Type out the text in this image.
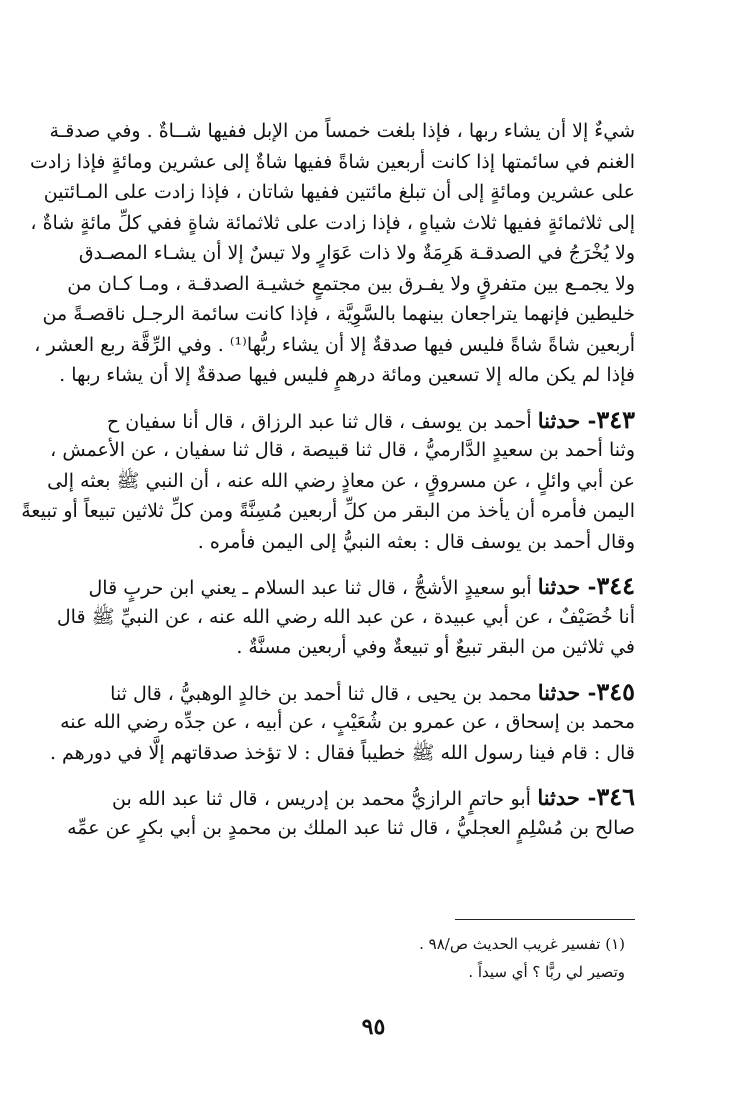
شيءٌ إلا أن يشاء ربها ، فإذا بلغت خمساً من الإبل ففيها شــاةٌ . وفي صدقـة
الغنم في سائمتها إذا كانت أربعين شاةً ففيها شاةٌ إلى عشرين ومائةٍ فإذا زادت
على عشرين ومائةٍ إلى أن تبلغ مائتين ففيها شاتان ، فإذا زادت على المـائتين
إلى ثلاثمائةٍ ففيها ثلاث شياهٍ ، فإذا زادت على ثلاثمائة شاةٍ ففي كلِّ مائةٍ شاةٌ ،
ولا يُخْرَجُ في الصدقـة هَرِمَةٌ ولا ذات عَوَارٍ ولا تيسٌ إلا أن يشـاء المصـدق
ولا يجمـع بين متفرقٍ ولا يفـرق بين مجتمعٍ خشيـة الصدقـة ، ومـا كـان من
خليطين فإنهما يتراجعان بينهما بالسَّوِيَّة ، فإذا كانت سائمة الرجـل ناقصـةً من
أربعين شاةً شاةً فليس فيها صدقةٌ إلا أن يشاء ربُّها⁽¹⁾ . وفي الرِّقَّة ربع العشر ،
فإذا لم يكن ماله إلا تسعين ومائة درهمٍ فليس فيها صدقةٌ إلا أن يشاء ربها .
٣٤٣- حدثنا أحمد بن يوسف ، قال ثنا عبد الرزاق ، قال أنا سفيان ح
وثنا أحمد بن سعيدٍ الدَّارميُّ ، قال ثنا قبيصة ، قال ثنا سفيان ، عن الأعمش ،
عن أبي وائلٍ ، عن مسروقٍ ، عن معاذٍ رضي الله عنه ، أن النبي ﷺ بعثه إلى
اليمن فأمره أن يأخذ من البقر من كلِّ أربعين مُسِنَّةً ومن كلِّ ثلاثين تبيعاً أو تبيعةً
وقال أحمد بن يوسف قال : بعثه النبيُّ إلى اليمن فأمره .
٣٤٤- حدثنا أبو سعيدٍ الأشجُّ ، قال ثنا عبد السلام ـ يعني ابن حربٍ قال
أنا خُصَيْفٌ ، عن أبي عبيدة ، عن عبد الله رضي الله عنه ، عن النبيِّ ﷺ قال
في ثلاثين من البقر تبيعٌ أو تبيعةٌ وفي أربعين مسنَّةٌ .
٣٤٥- حدثنا محمد بن يحيى ، قال ثنا أحمد بن خالدٍ الوهبيُّ ، قال ثنا
محمد بن إسحاق ، عن عمرو بن شُعَيْبٍ ، عن أبيه ، عن جدِّه رضي الله عنه
قال : قام فينا رسول الله ﷺ خطيباً فقال : لا تؤخذ صدقاتهم إلَّا في دورهم .
٣٤٦- حدثنا أبو حاتمٍ الرازيُّ محمد بن إدريس ، قال ثنا عبد الله بن
صالح بن مُسْلِمٍ العجليُّ ، قال ثنا عبد الملك بن محمدٍ بن أبي بكرٍ عن عمِّه
(١) تفسير غريب الحديث ص/٩٨ .
وتصير لي ربًّا ؟ أي سيداً .
٩٥
